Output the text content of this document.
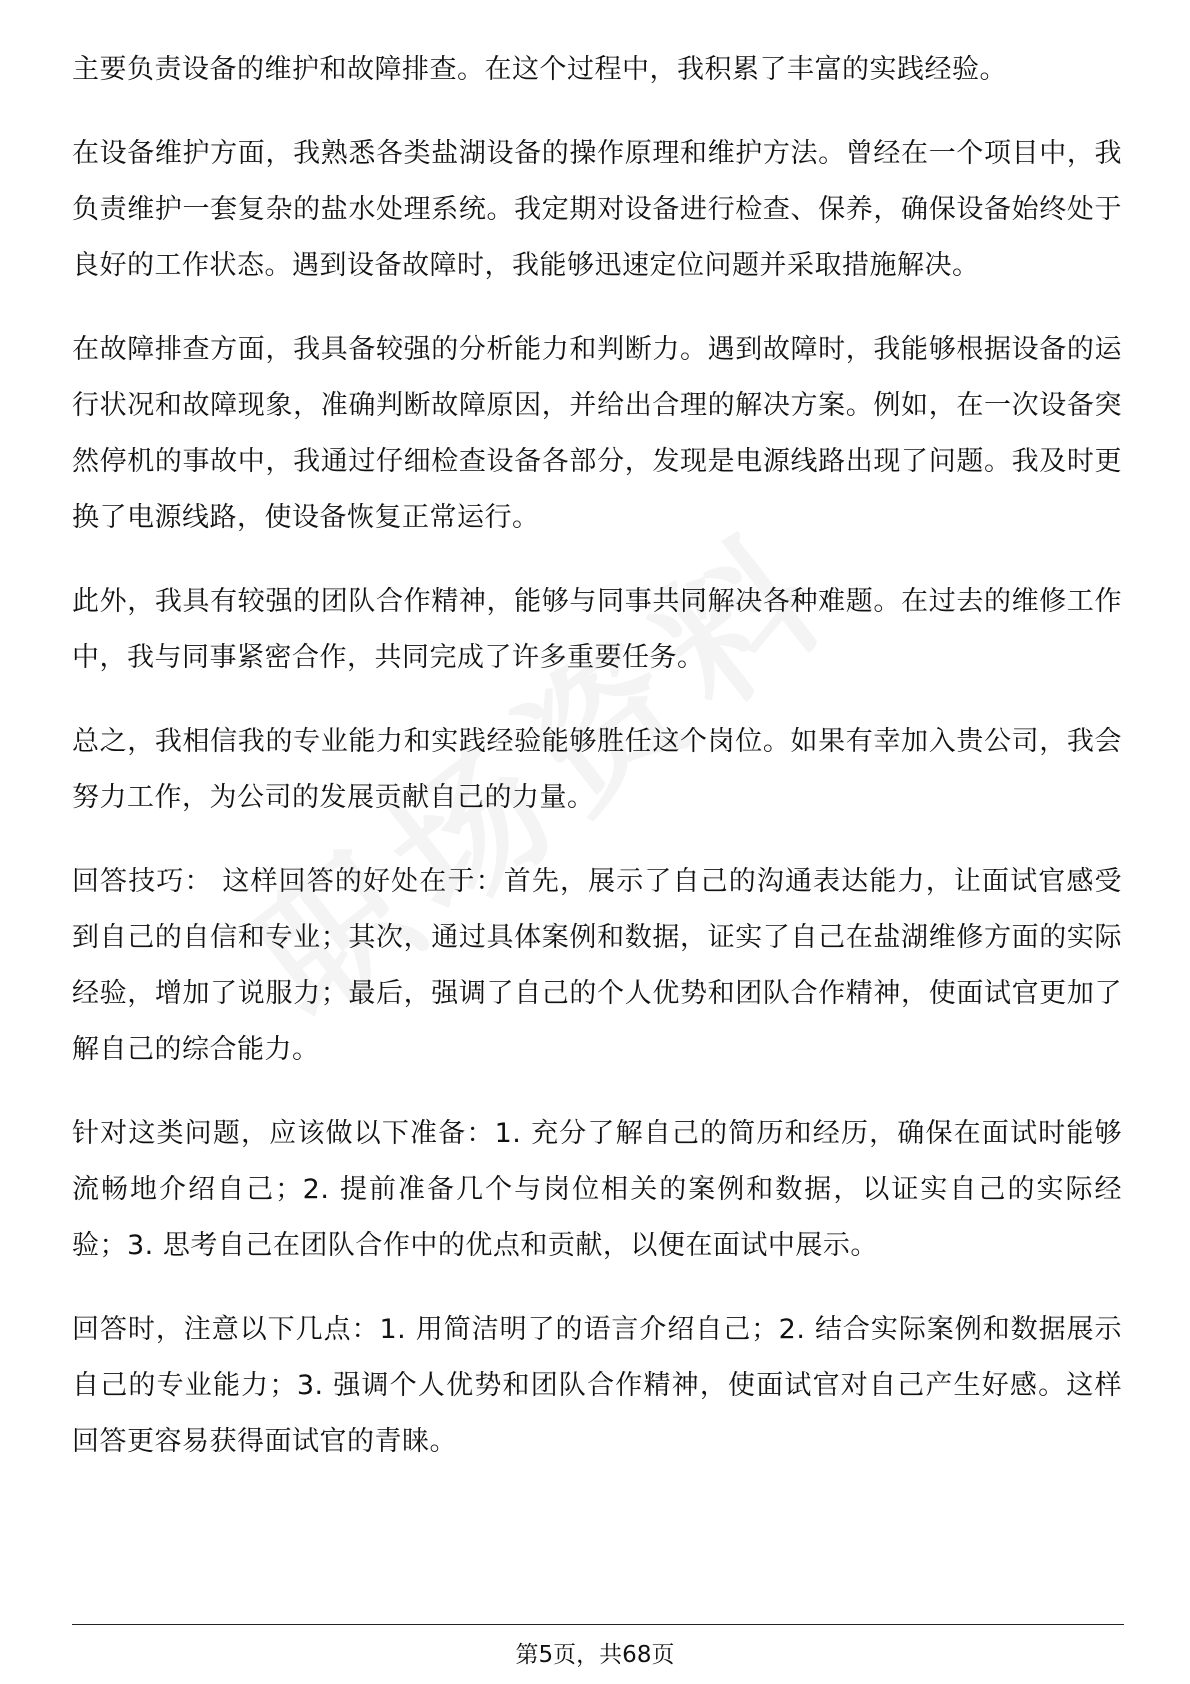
主要负责设备的维护和故障排查。在这个过程中，我积累了丰富的实践经验。

在设备维护方面，我熟悉各类盐湖设备的操作原理和维护方法。曾经在一个项目中，我负责维护一套复杂的盐水处理系统。我定期对设备进行检查、保养，确保设备始终处于良好的工作状态。遇到设备故障时，我能够迅速定位问题并采取措施解决。

在故障排查方面，我具备较强的分析能力和判断力。遇到故障时，我能够根据设备的运行状况和故障现象，准确判断故障原因，并给出合理的解决方案。例如，在一次设备突然停机的事故中，我通过仔细检查设备各部分，发现是电源线路出现了问题。我及时更换了电源线路，使设备恢复正常运行。

此外，我具有较强的团队合作精神，能够与同事共同解决各种难题。在过去的维修工作中，我与同事紧密合作，共同完成了许多重要任务。

总之，我相信我的专业能力和实践经验能够胜任这个岗位。如果有幸加入贵公司，我会努力工作，为公司的发展贡献自己的力量。

回答技巧： 这样回答的好处在于：首先，展示了自己的沟通表达能力，让面试官感受到自己的自信和专业；其次，通过具体案例和数据，证实了自己在盐湖维修方面的实际经验，增加了说服力；最后，强调了自己的个人优势和团队合作精神，使面试官更加了解自己的综合能力。

针对这类问题，应该做以下准备：1. 充分了解自己的简历和经历，确保在面试时能够流畅地介绍自己；2. 提前准备几个与岗位相关的案例和数据，以证实自己的实际经验；3. 思考自己在团队合作中的优点和贡献，以便在面试中展示。

回答时，注意以下几点：1. 用简洁明了的语言介绍自己；2. 结合实际案例和数据展示自己的专业能力；3. 强调个人优势和团队合作精神，使面试官对自己产生好感。这样回答更容易获得面试官的青睐。

第5页，共68页
